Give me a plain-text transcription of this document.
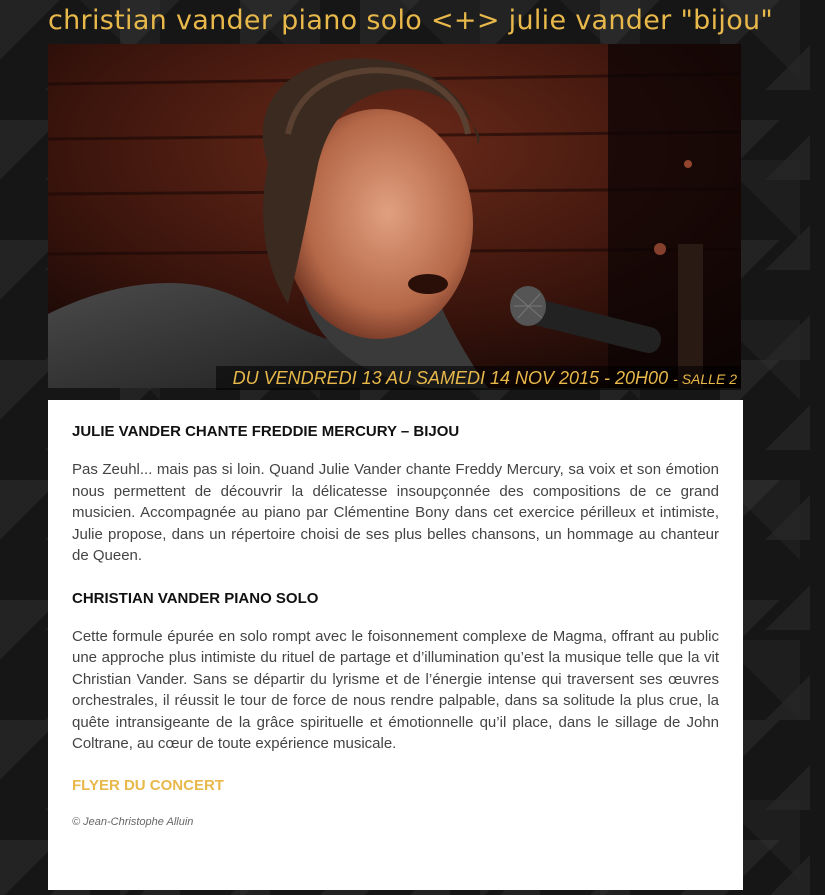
christian vander piano solo <+> julie vander "bijou"
DU VENDREDI 13 AU SAMEDI 14 NOV 2015 - 20H00 - SALLE 2
JULIE VANDER CHANTE FREDDIE MERCURY – BIJOU

Pas Zeuhl... mais pas si loin. Quand Julie Vander chante Freddy Mercury, sa voix et son émotion nous permettent de découvrir la délicatesse insoupçonnée des compositions de ce grand musicien. Accompagnée au piano par Clémentine Bony dans cet exercice périlleux et intimiste, Julie propose, dans un répertoire choisi de ses plus belles chansons, un hommage au chanteur de Queen.

CHRISTIAN VANDER PIANO SOLO

Cette formule épurée en solo rompt avec le foisonnement complexe de Magma, offrant au public une approche plus intimiste du rituel de partage et d’illumination qu’est la musique telle que la vit Christian Vander. Sans se départir du lyrisme et de l’énergie intense qui traversent ses œuvres orchestrales, il réussit le tour de force de nous rendre palpable, dans sa solitude la plus crue, la quête intransigeante de la grâce spirituelle et émotionnelle qu’il place, dans le sillage de John Coltrane, au cœur de toute expérience musicale.

FLYER DU CONCERT
© Jean-Christophe Alluin
